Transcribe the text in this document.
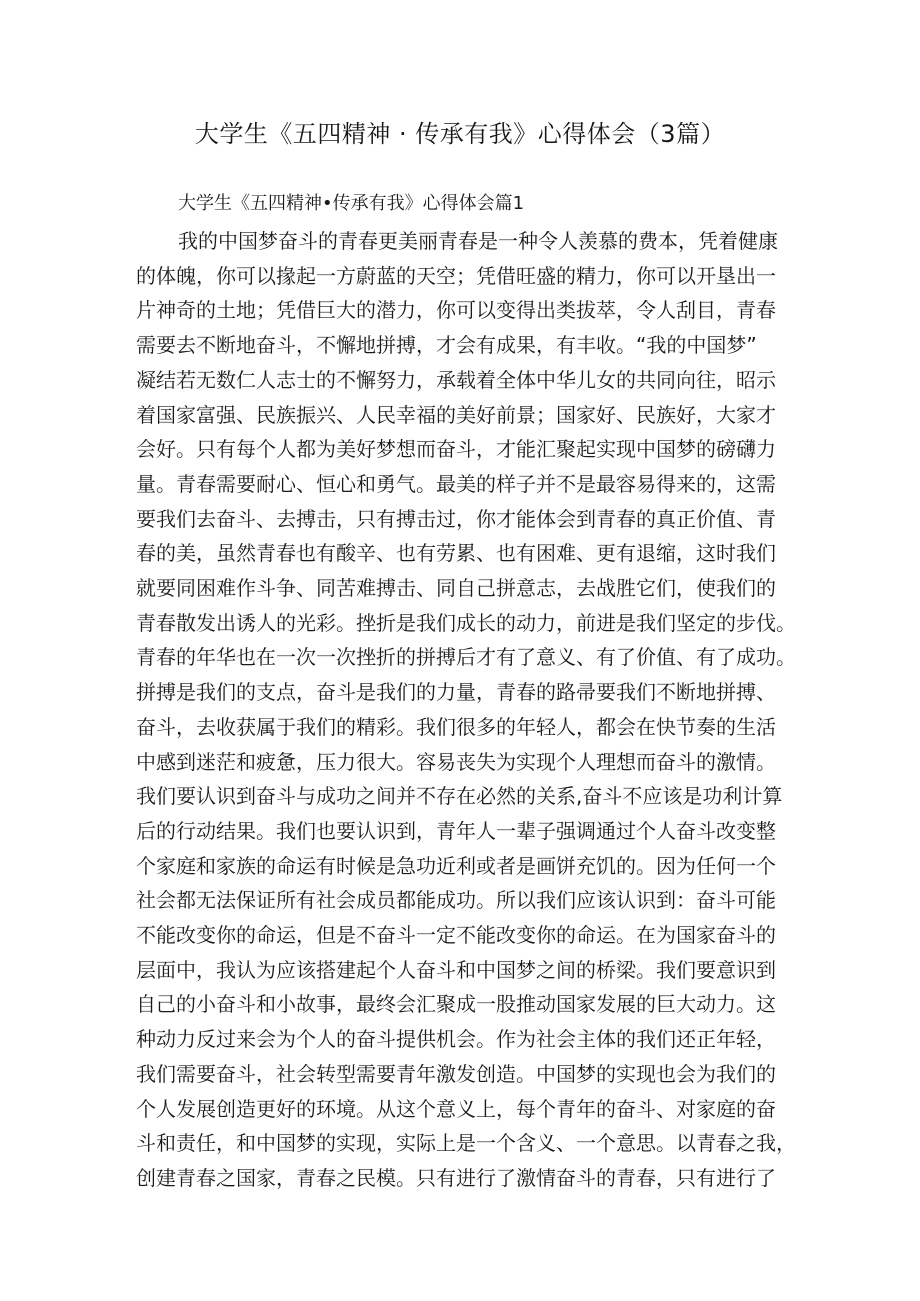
大学生《五四精神 · 传承有我》心得体会（3篇）
大学生《五四精神•传承有我》心得体会篇1
我的中国梦奋斗的青春更美丽青春是一种令人羡慕的费本，凭着健康
的体魄，你可以掾起一方蔚蓝的天空；凭借旺盛的精力，你可以开垦出一
片神奇的土地；凭借巨大的潜力，你可以变得出类拔萃，令人刮目，青春
需要去不断地奋斗，不懈地拼搏，才会有成果，有丰收。“我的中国梦”
凝结若无数仁人志士的不懈努力，承载着全体中华儿女的共同向往，昭示
着国家富强、民族振兴、人民幸福的美好前景；国家好、民族好，大家才
会好。只有每个人都为美好梦想而奋斗，才能汇聚起实现中国梦的磅礴力
量。青春需要耐心、恒心和勇气。最美的样子并不是最容易得来的，这需
要我们去奋斗、去搏击，只有搏击过，你才能体会到青春的真正价值、青
春的美，虽然青春也有酸辛、也有劳累、也有困难、更有退缩，这时我们
就要同困难作斗争、同苦难搏击、同自己拼意志，去战胜它们，使我们的
青春散发出诱人的光彩。挫折是我们成长的动力，前进是我们坚定的步伐。
青春的年华也在一次一次挫折的拼搏后才有了意义、有了价值、有了成功。
拼搏是我们的支点，奋斗是我们的力量，青春的路帚要我们不断地拼搏、
奋斗，去收获属于我们的精彩。我们很多的年轻人，都会在快节奏的生活
中感到迷茫和疲惫，压力很大。容易丧失为实现个人理想而奋斗的激情。
我们要认识到奋斗与成功之间并不存在必然的关系,奋斗不应该是功利计算
后的行动结果。我们也要认识到，青年人一辈子强调通过个人奋斗改变整
个家庭和家族的命运有时候是急功近利或者是画饼充饥的。因为任何一个
社会都无法保证所有社会成员都能成功。所以我们应该认识到：奋斗可能
不能改变你的命运，但是不奋斗一定不能改变你的命运。在为国家奋斗的
层面中，我认为应该搭建起个人奋斗和中国梦之间的桥梁。我们要意识到
自己的小奋斗和小故事，最终会汇聚成一股推动国家发展的巨大动力。这
种动力反过来会为个人的奋斗提供机会。作为社会主体的我们还正年轻，
我们需要奋斗，社会转型需要青年激发创造。中国梦的实现也会为我们的
个人发展创造更好的环境。从这个意义上，每个青年的奋斗、对家庭的奋
斗和责任，和中国梦的实现，实际上是一个含义、一个意思。以青春之我，
创建青春之国家，青春之民模。只有进行了激情奋斗的青春，只有进行了
